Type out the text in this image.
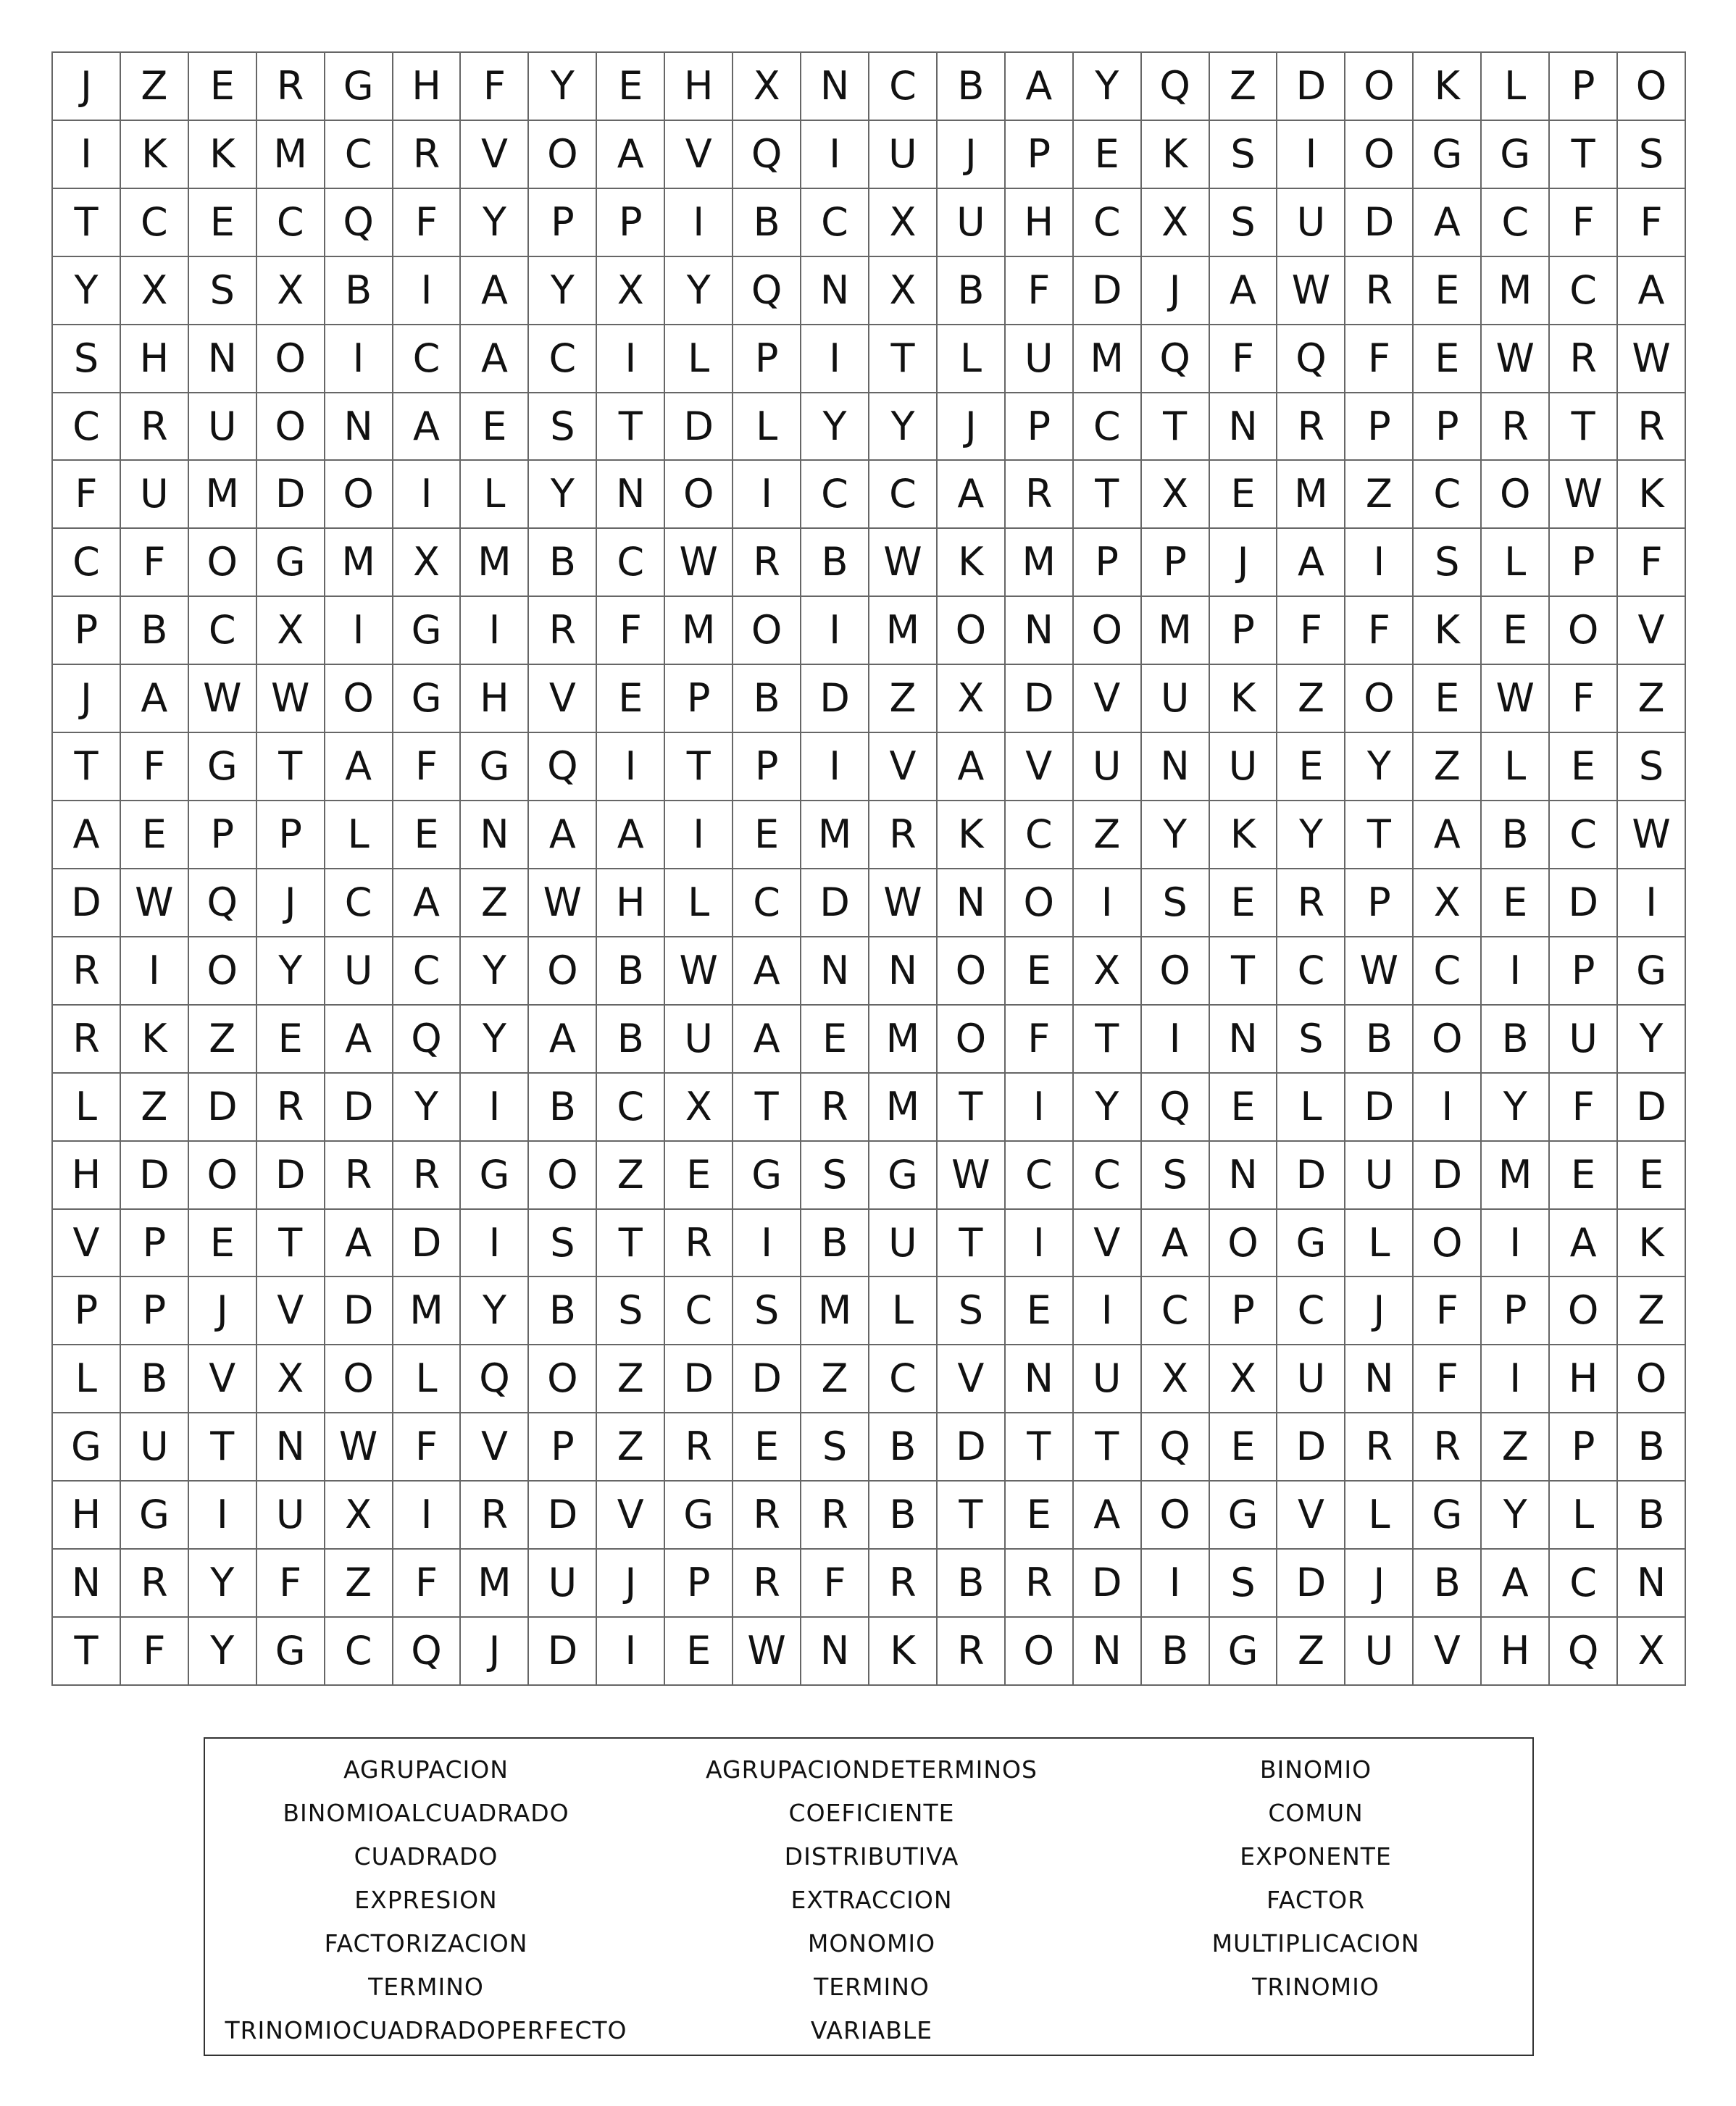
J	Z	E	R	G H	F	Y	E	H	X	N	C	B	A	Y	Q	Z	D O	K	L	P	O
I	K	K M C	R	V	O	A	V	Q	I	U	J	P	E	K	S	I	O G G	T	S
T	C	E	C Q	F	Y	P	P	I	B	C	X	U H	C	X	S	U D	A	C	F	F
Y	X	S	X	B	I	A	Y	X	Y	Q N	X	B	F	D	J	A W R	E M C	A
S	H N O	I	C	A	C	I	L	P	I	T	L	U M Q	F	Q	F	E W R W
C	R	U O N	A	E	S	T	D	L	Y	Y	J	P	C	T	N	R	P	P	R	T	R
F	U M D O	I	L	Y	N O	I	C	C	A	R	T	X	E M Z	C O W K
C	F	O G M X M B	C W R	B W K M	P	P	J	A	I	S	L	P	F
P	B	C	X	I	G	I	R	F	M O	I	M O N O M	P	F	F	K	E	O	V
J	A W W O G H	V	E	P	B	D	Z	X	D	V	U	K	Z	O	E W F	Z
T	F	G	T	A	F	G Q	I	T	P	I	V	A	V	U N U	E	Y	Z	L	E	S
A	E	P	P	L	E	N	A	A	I	E M R	K	C	Z	Y	K	Y	T	A	B	C W
D W Q	J	C	A	Z W H	L	C	D W N O	I	S	E	R	P	X	E	D	I
R	I	O	Y	U	C	Y	O	B W A	N N O	E	X	O	T	C W C	I	P	G
R	K	Z	E	A	Q	Y	A	B	U	A	E M O	F	T	I	N	S	B	O	B	U	Y
L	Z	D	R	D	Y	I	B	C	X	T	R M	T	I	Y	Q	E	L	D	I	Y	F	D
H D O D	R	R	G O	Z	E	G	S	G W C	C	S	N D U D M E	E
V	P	E	T	A	D	I	S	T	R	I	B	U	T	I	V	A	O G	L	O	I	A	K
P	P	J	V	D M	Y	B	S	C	S M	L	S	E	I	C	P	C	J	F	P	O	Z
L	B	V	X	O	L	Q O	Z	D D	Z	C	V	N U	X	X	U N	F	I	H O
G U	T	N W F	V	P	Z	R	E	S	B	D	T	T	Q	E	D	R	R	Z	P	B
H G	I	U	X	I	R	D	V	G	R	R	B	T	E	A	O G	V	L	G	Y	L	B
N	R	Y	F	Z	F	M U	J	P	R	F	R	B	R	D	I	S	D	J	B	A	C	N
T	F	Y	G	C Q	J	D	I	E W N	K	R O N	B	G	Z	U	V	H Q	X
AGRUPACION	AGRUPACIONDETERMINOS	BINOMIO
BINOMIOALCUADRADO	COEFICIENTE	COMUN
CUADRADO	DISTRIBUTIVA	EXPONENTE
EXPRESION	EXTRACCION	FACTOR
FACTORIZACION	MONOMIO	MULTIPLICACION
TERMINO	TERMINO	TRINOMIO
TRINOMIOCUADRADOPERFECTO	VARIABLE
